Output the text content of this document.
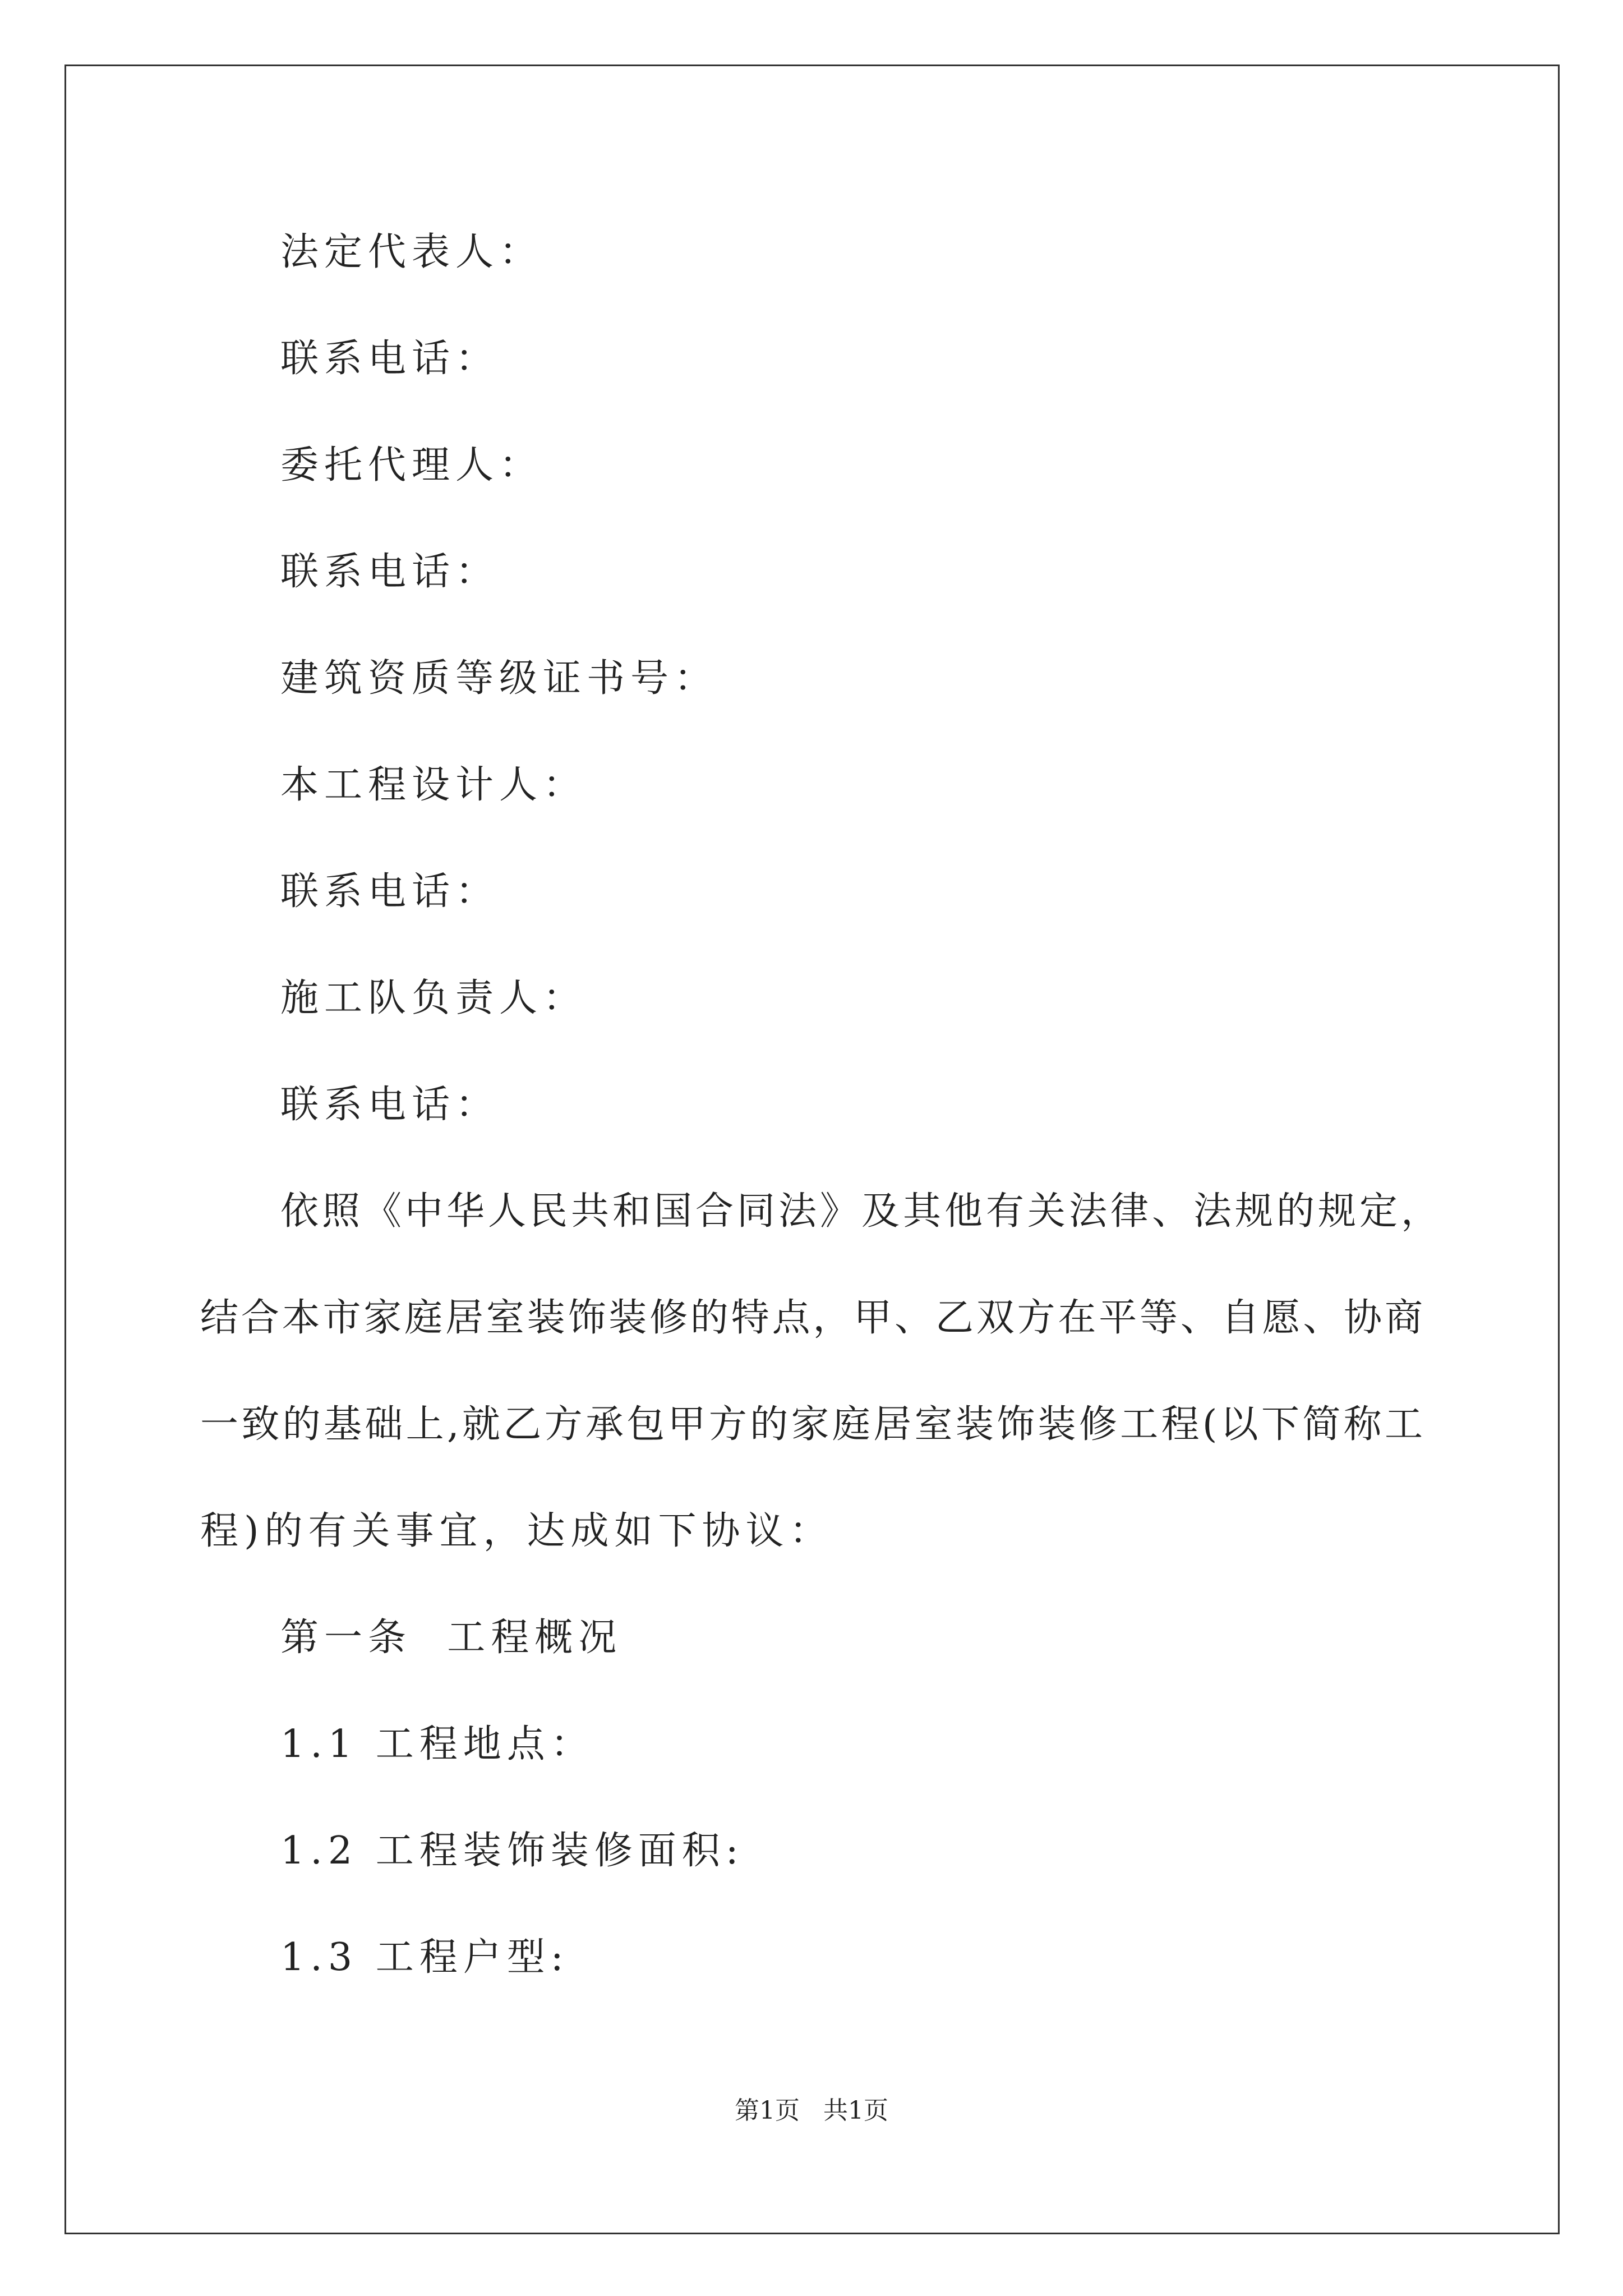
法定代表人：
联系电话：
委托代理人：
联系电话：
建筑资质等级证书号：
本工程设计人：
联系电话：
施工队负责人：
联系电话：
依照《中华人民共和国合同法》及其他有关法律、法规的规定，
结合本市家庭居室装饰装修的特点，甲、乙双方在平等、自愿、协商
一致的基础上,就乙方承包甲方的家庭居室装饰装修工程(以下简称工
程)的有关事宜，达成如下协议：
第一条  工程概况
1.1 工程地点：
1.2 工程装饰装修面积:
1.3 工程户型:
第1页   共1页
